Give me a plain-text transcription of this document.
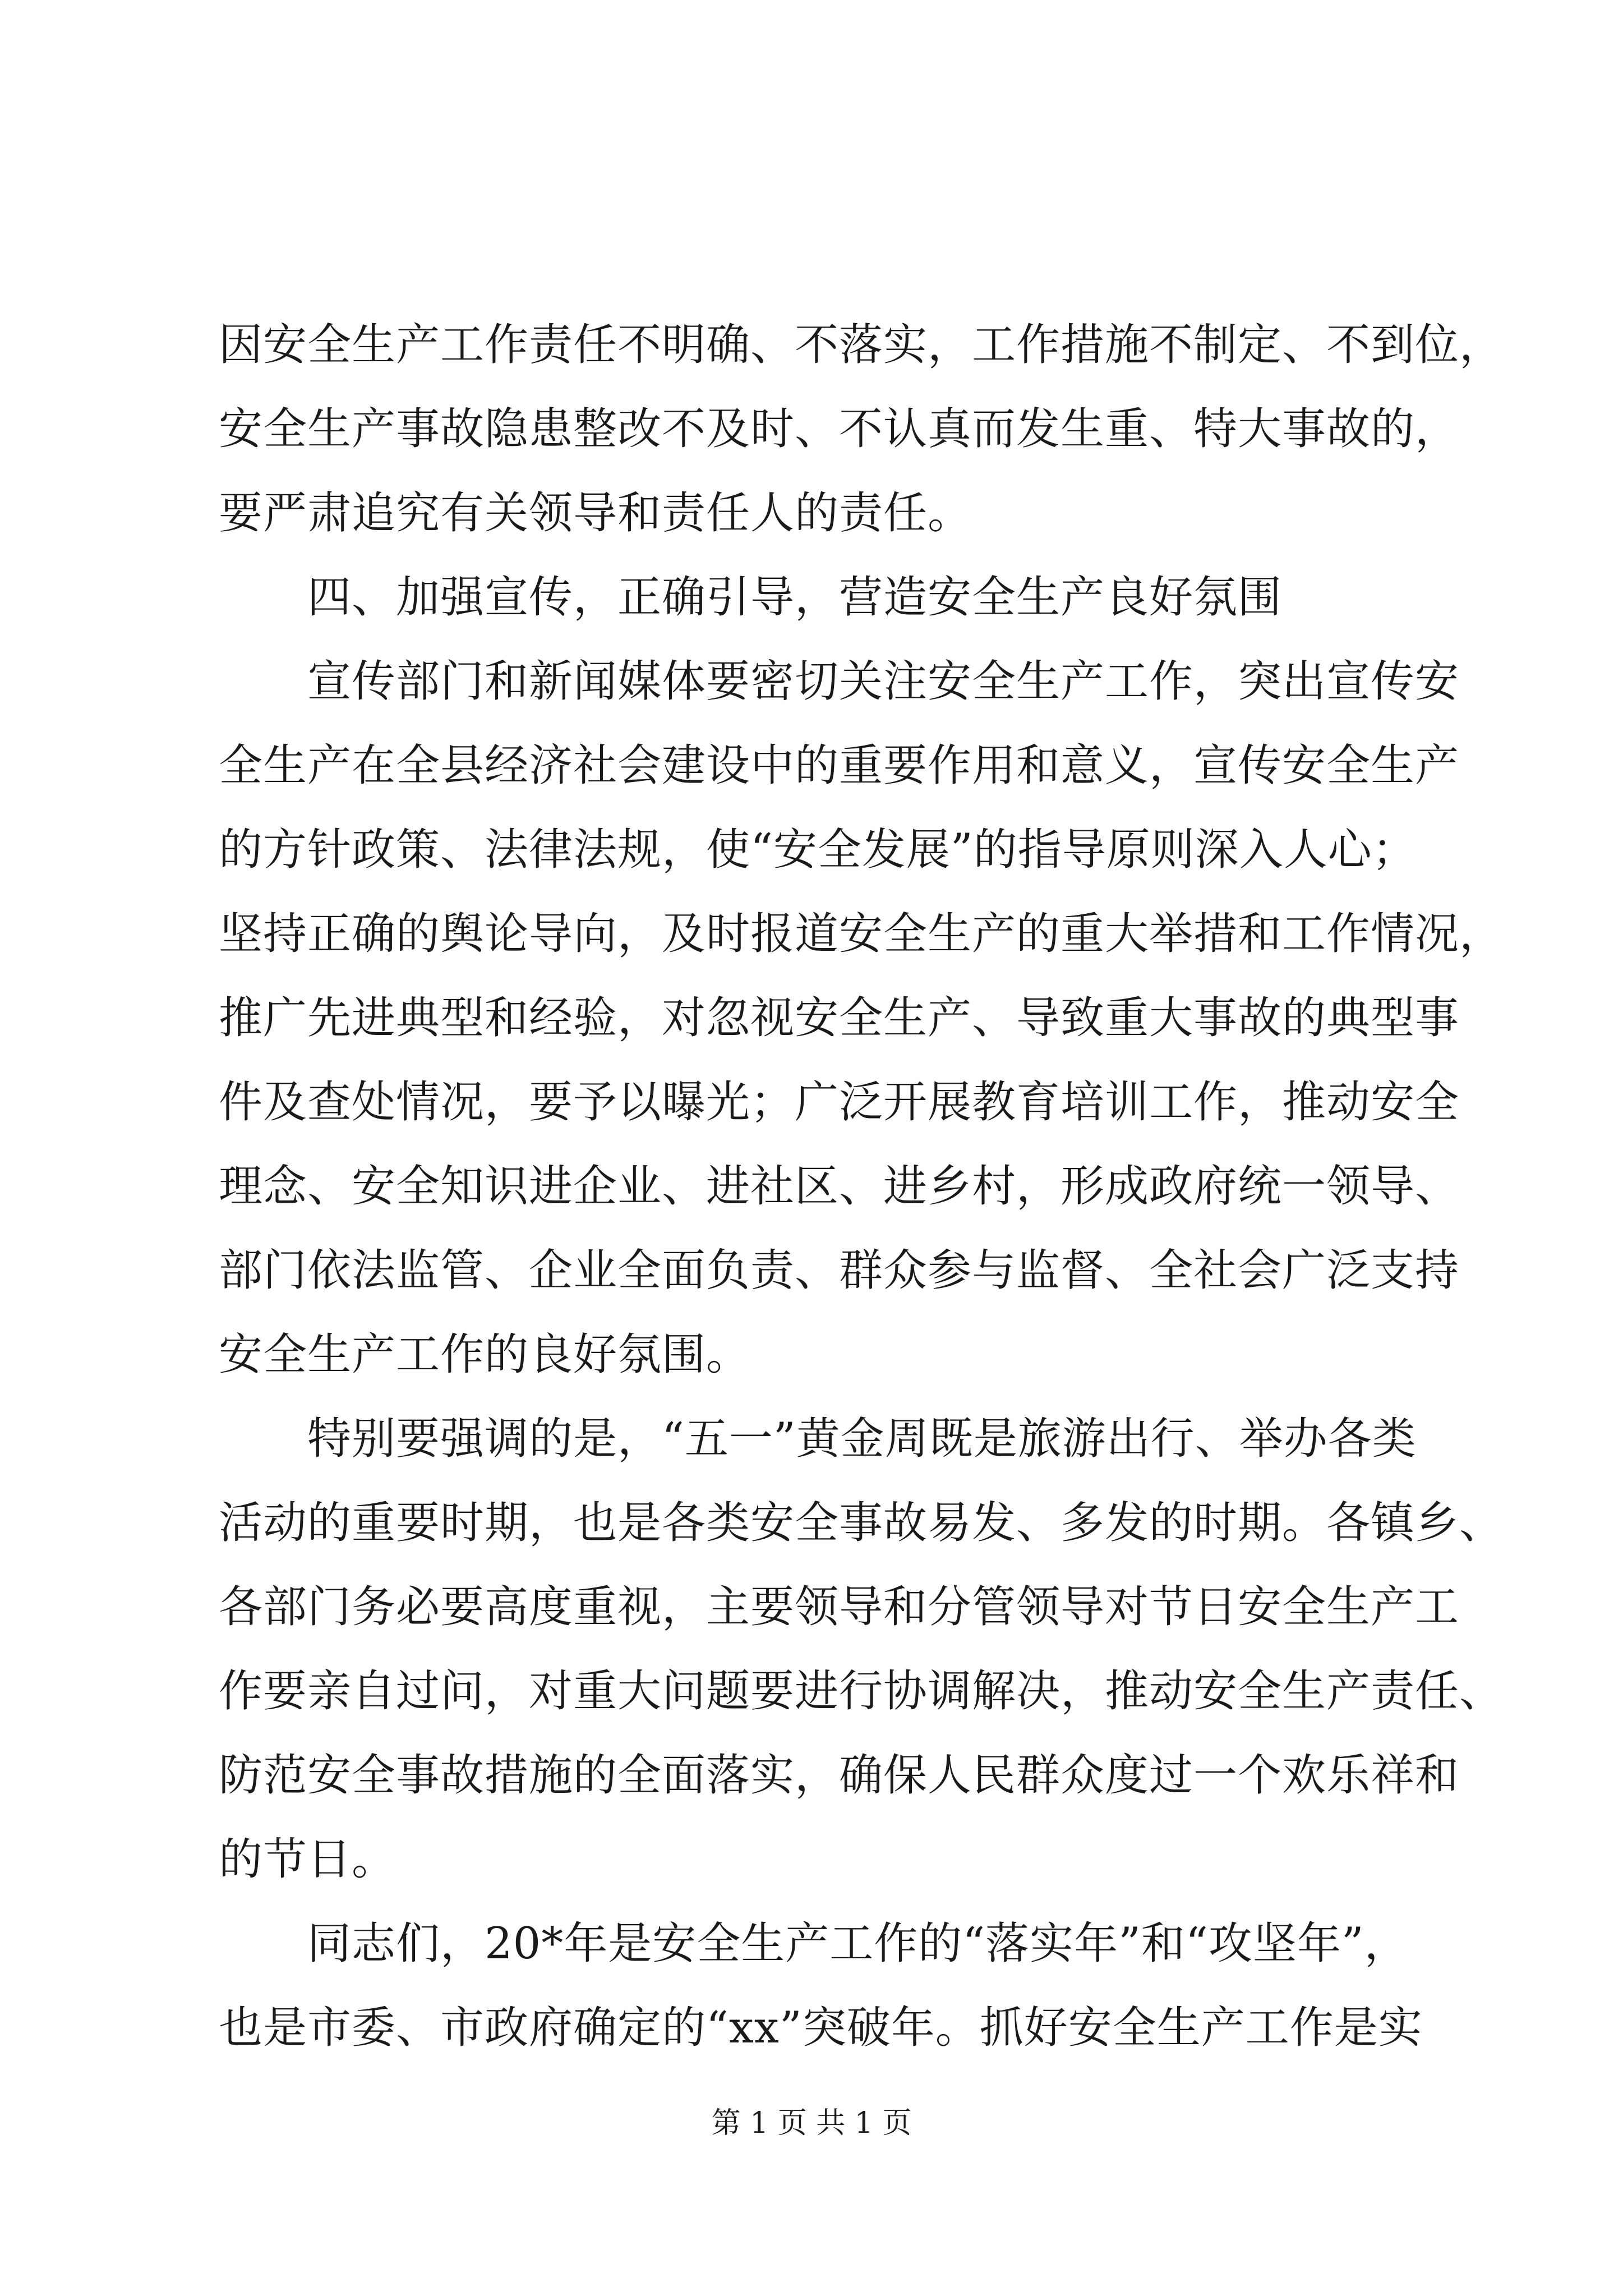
因安全生产工作责任不明确、不落实，工作措施不制定、不到位，
安全生产事故隐患整改不及时、不认真而发生重、特大事故的，
要严肃追究有关领导和责任人的责任。
四、加强宣传，正确引导，营造安全生产良好氛围
宣传部门和新闻媒体要密切关注安全生产工作，突出宣传安
全生产在全县经济社会建设中的重要作用和意义，宣传安全生产
的方针政策、法律法规，使“安全发展”的指导原则深入人心；
坚持正确的舆论导向，及时报道安全生产的重大举措和工作情况，
推广先进典型和经验，对忽视安全生产、导致重大事故的典型事
件及查处情况，要予以曝光；广泛开展教育培训工作，推动安全
理念、安全知识进企业、进社区、进乡村，形成政府统一领导、
部门依法监管、企业全面负责、群众参与监督、全社会广泛支持
安全生产工作的良好氛围。
特别要强调的是，“五一”黄金周既是旅游出行、举办各类
活动的重要时期，也是各类安全事故易发、多发的时期。各镇乡、
各部门务必要高度重视，主要领导和分管领导对节日安全生产工
作要亲自过问，对重大问题要进行协调解决，推动安全生产责任、
防范安全事故措施的全面落实，确保人民群众度过一个欢乐祥和
的节日。
同志们，20*年是安全生产工作的“落实年”和“攻坚年”，
也是市委、市政府确定的“xx”突破年。抓好安全生产工作是实
第 1 页 共 1 页
